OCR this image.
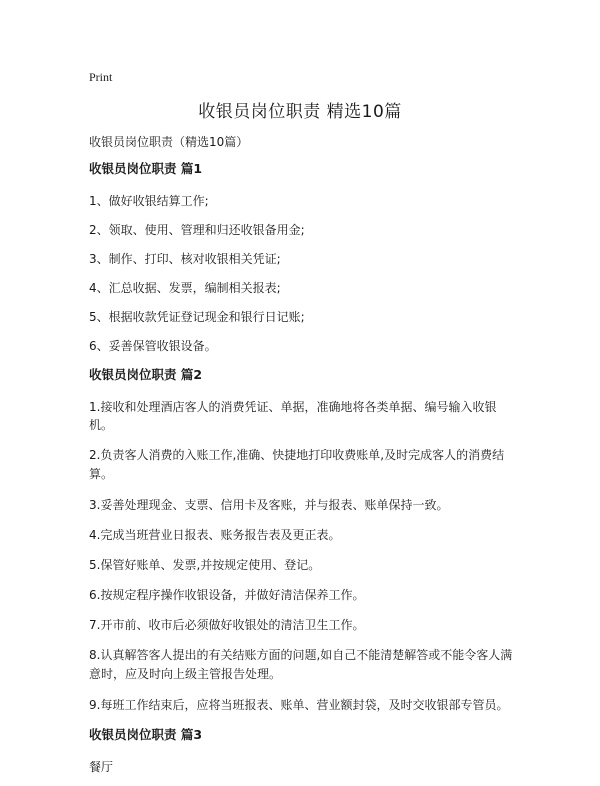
Print
收银员岗位职责 精选10篇

收银员岗位职责（精选10篇）

收银员岗位职责 篇1

1、做好收银结算工作;

2、领取、使用、管理和归还收银备用金;

3、制作、打印、核对收银相关凭证;

4、汇总收据、发票，编制相关报表;

5、根据收款凭证登记现金和银行日记账;

6、妥善保管收银设备。

收银员岗位职责 篇2

1.接收和处理酒店客人的消费凭证、单据，准确地将各类单据、编号输入收银机。

2.负责客人消费的入账工作,准确、快捷地打印收费账单,及时完成客人的消费结算。

3.妥善处理现金、支票、信用卡及客账，并与报表、账单保持一致。

4.完成当班营业日报表、账务报告表及更正表。

5.保管好账单、发票,并按规定使用、登记。

6.按规定程序操作收银设备，并做好清洁保养工作。

7.开市前、收市后必须做好收银处的清洁卫生工作。

8.认真解答客人提出的有关结账方面的问题,如自己不能清楚解答或不能令客人满意时，应及时向上级主管报告处理。

9.每班工作结束后，应将当班报表、账单、营业额封袋，及时交收银部专管员。

收银员岗位职责 篇3

餐厅
